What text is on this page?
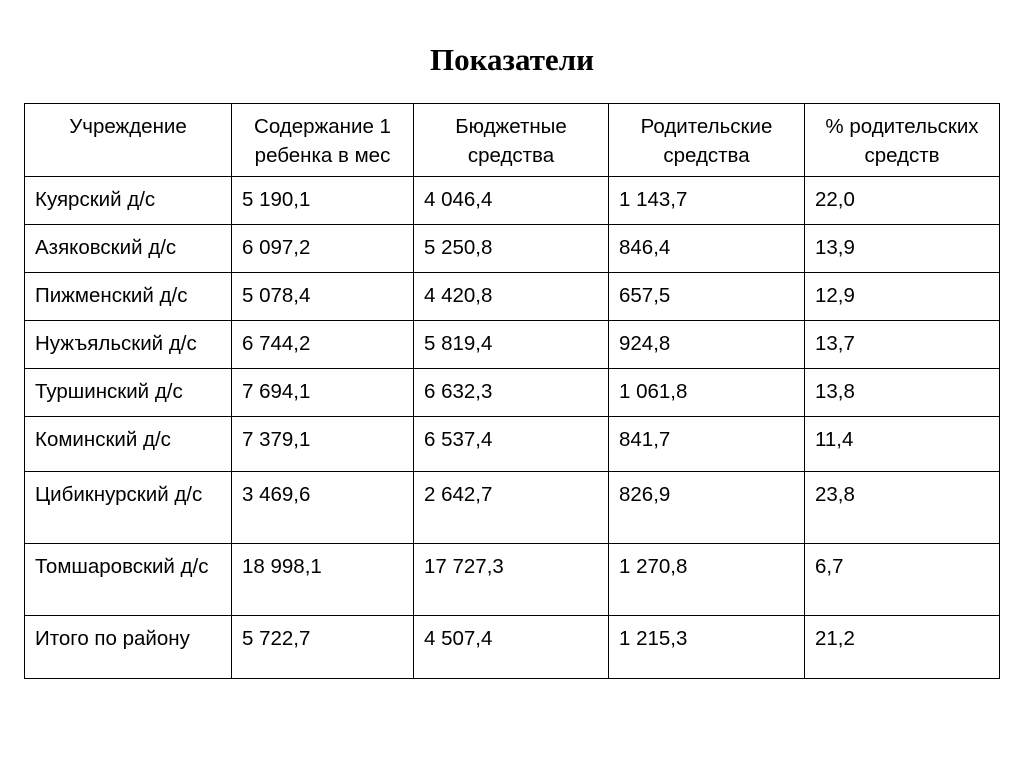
Показатели
Учреждение	Содержание 1 ребенка в мес	Бюджетные средства	Родительские средства	% родительских средств
Куярский д/с	5 190,1	4 046,4	1 143,7	22,0
Азяковский д/с	6 097,2	5 250,8	846,4	13,9
Пижменский д/с	5 078,4	4 420,8	657,5	12,9
Нужъяльский д/с	6 744,2	5 819,4	924,8	13,7
Туршинский д/с	7 694,1	6 632,3	1 061,8	13,8
Коминский д/с	7 379,1	6 537,4	841,7	11,4
Цибикнурский д/с	3 469,6	2 642,7	826,9	23,8
Томшаровский д/с	18 998,1	17 727,3	1 270,8	6,7
Итого по району	5 722,7	4 507,4	1 215,3	21,2
